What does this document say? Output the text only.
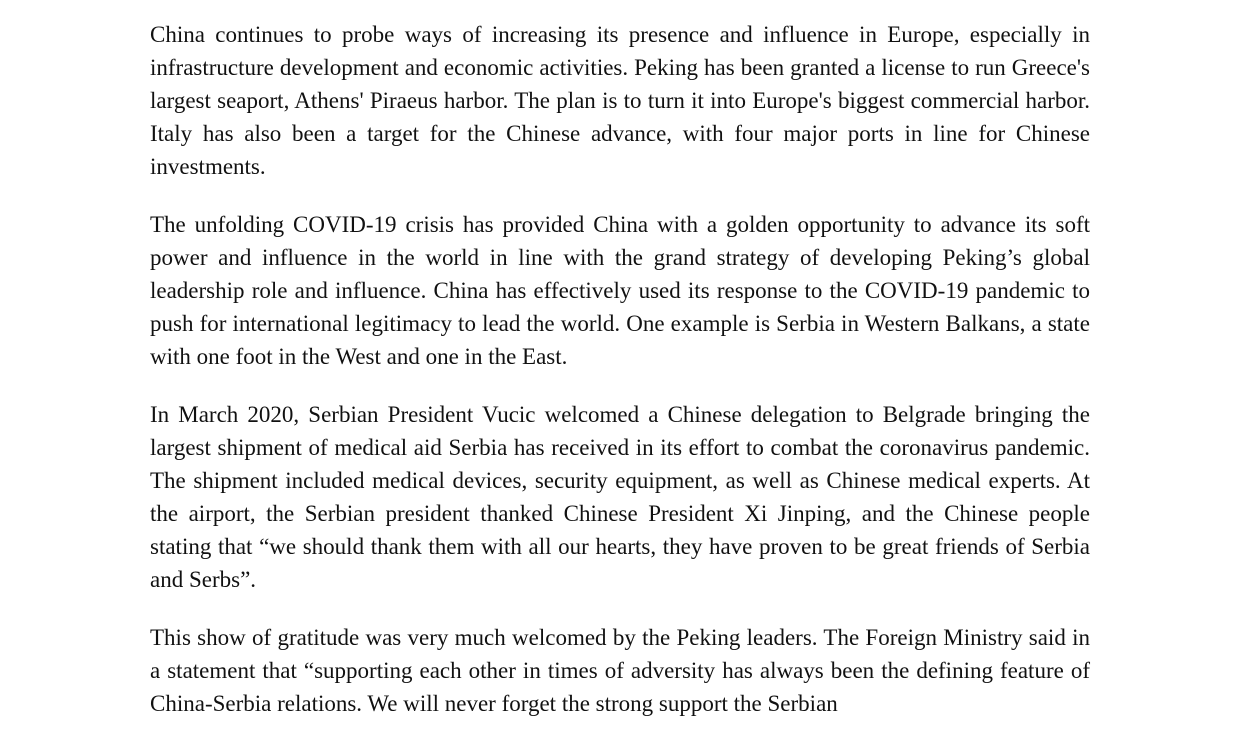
China continues to probe ways of increasing its presence and influence in Europe, especially in infrastructure development and economic activities. Peking has been granted a license to run Greece's largest seaport, Athens' Piraeus harbor. The plan is to turn it into Europe's biggest commercial harbor. Italy has also been a target for the Chinese advance, with four major ports in line for Chinese investments.

The unfolding COVID-19 crisis has provided China with a golden opportunity to advance its soft power and influence in the world in line with the grand strategy of developing Peking’s global leadership role and influence. China has effectively used its response to the COVID-19 pandemic to push for international legitimacy to lead the world. One example is Serbia in Western Balkans, a state with one foot in the West and one in the East.

In March 2020, Serbian President Vucic welcomed a Chinese delegation to Belgrade bringing the largest shipment of medical aid Serbia has received in its effort to combat the coronavirus pandemic. The shipment included medical devices, security equipment, as well as Chinese medical experts. At the airport, the Serbian president thanked Chinese President Xi Jinping, and the Chinese people stating that “we should thank them with all our hearts, they have proven to be great friends of Serbia and Serbs”.

This show of gratitude was very much welcomed by the Peking leaders. The Foreign Ministry said in a statement that “supporting each other in times of adversity has always been the defining feature of China-Serbia relations. We will never forget the strong support the Serbian
